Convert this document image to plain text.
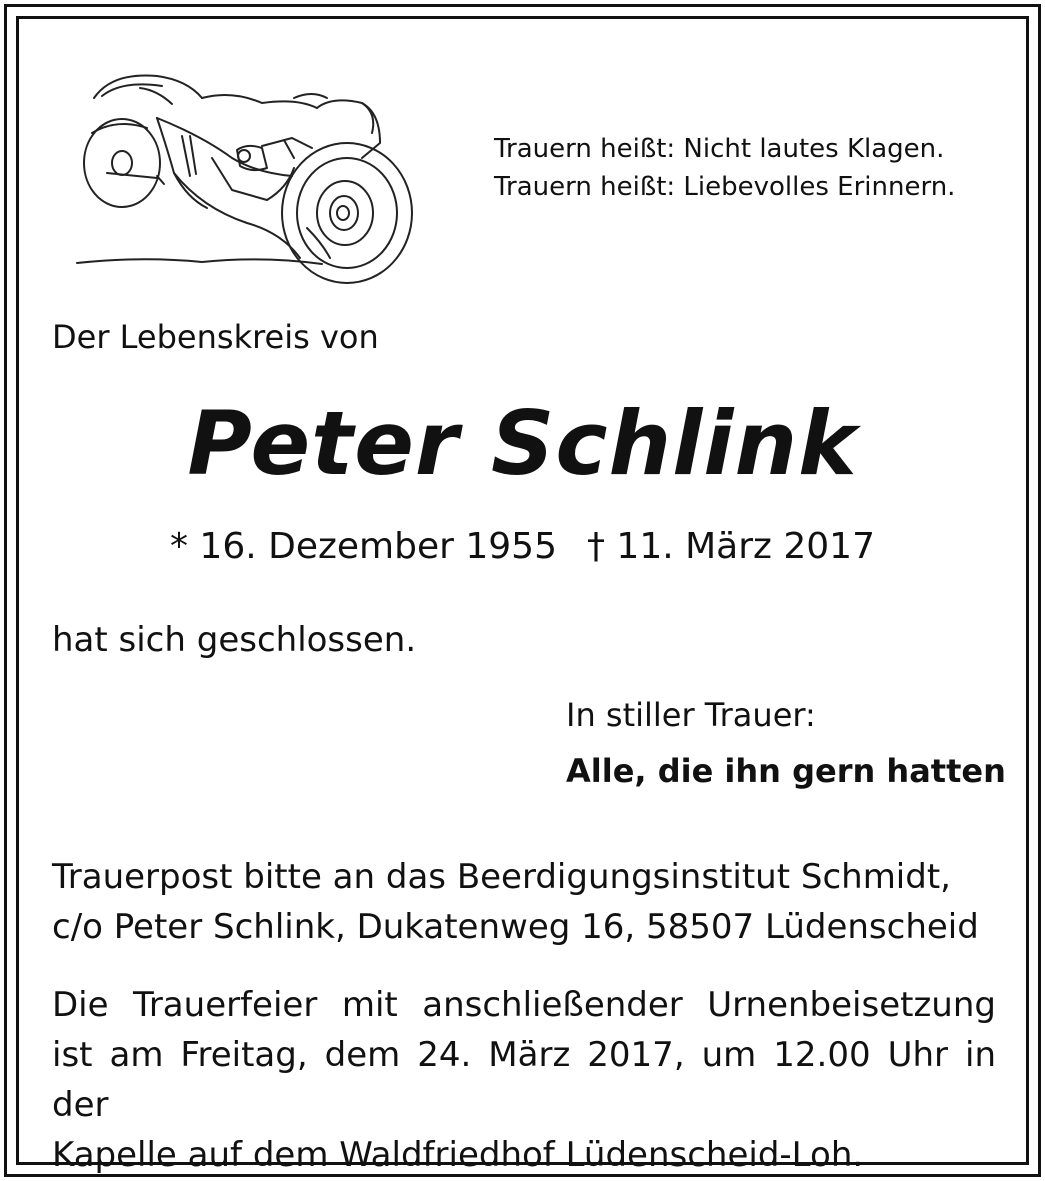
Trauern heißt: Nicht lautes Klagen.
Trauern heißt: Liebevolles Erinnern.
Der Lebenskreis von
Peter Schlink
* 16. Dezember 1955 † 11. März 2017
hat sich geschlossen.
In stiller Trauer:
Alle, die ihn gern hatten
Trauerpost bitte an das Beerdigungsinstitut Schmidt,
c/o Peter Schlink, Dukatenweg 16, 58507 Lüdenscheid
Die Trauerfeier mit anschließender Urnenbeisetzung
ist am Freitag, dem 24. März 2017, um 12.00 Uhr in der
Kapelle auf dem Waldfriedhof Lüdenscheid-Loh.
